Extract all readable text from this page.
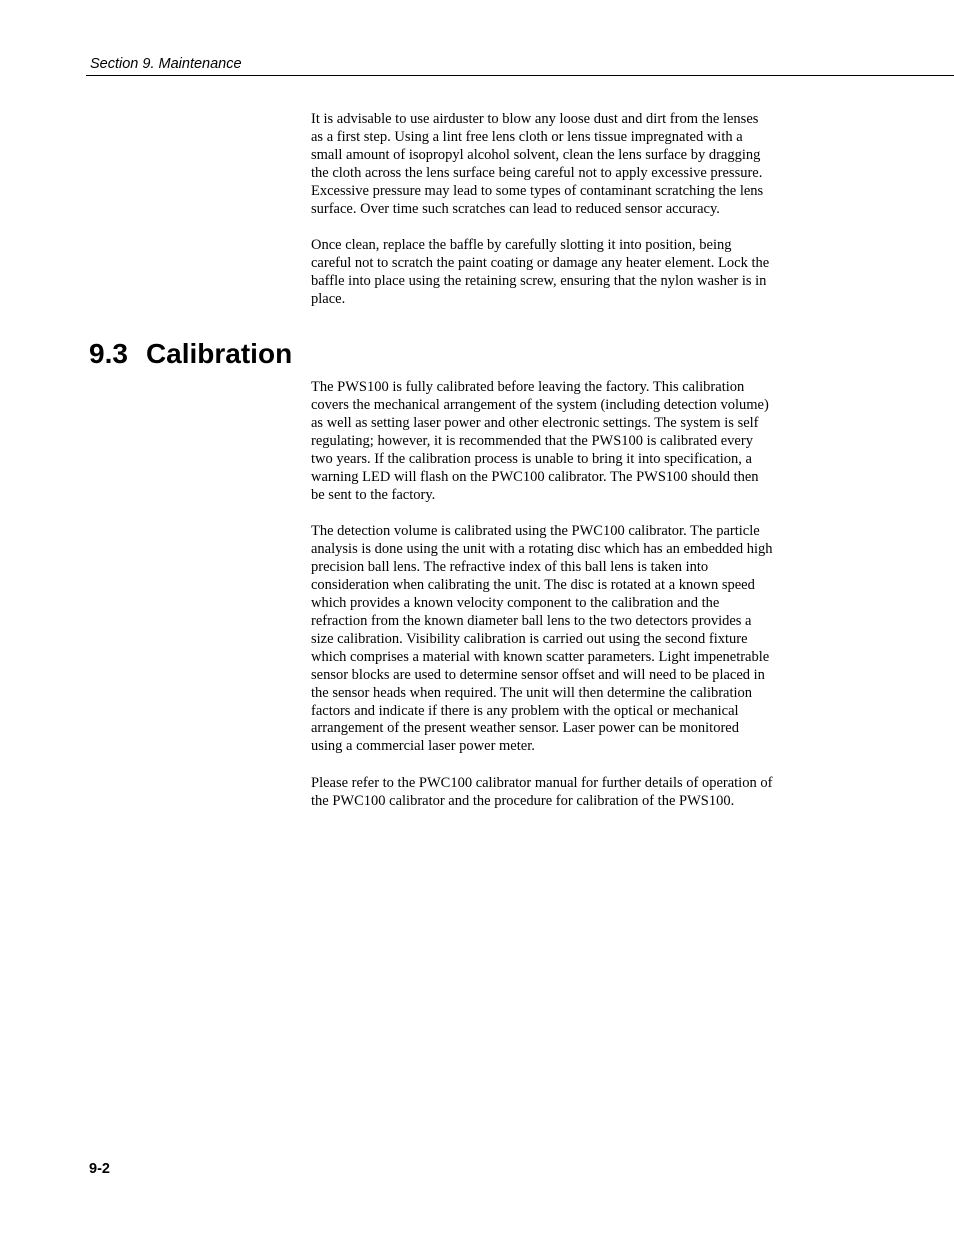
Section 9. Maintenance

It is advisable to use airduster to blow any loose dust and dirt from the lenses
as a first step. Using a lint free lens cloth or lens tissue impregnated with a
small amount of isopropyl alcohol solvent, clean the lens surface by dragging
the cloth across the lens surface being careful not to apply excessive pressure.
Excessive pressure may lead to some types of contaminant scratching the lens
surface. Over time such scratches can lead to reduced sensor accuracy.

Once clean, replace the baffle by carefully slotting it into position, being
careful not to scratch the paint coating or damage any heater element. Lock the
baffle into place using the retaining screw, ensuring that the nylon washer is in
place.

9.3 Calibration

The PWS100 is fully calibrated before leaving the factory. This calibration
covers the mechanical arrangement of the system (including detection volume)
as well as setting laser power and other electronic settings. The system is self
regulating; however, it is recommended that the PWS100 is calibrated every
two years. If the calibration process is unable to bring it into specification, a
warning LED will flash on the PWC100 calibrator. The PWS100 should then
be sent to the factory.

The detection volume is calibrated using the PWC100 calibrator. The particle
analysis is done using the unit with a rotating disc which has an embedded high
precision ball lens. The refractive index of this ball lens is taken into
consideration when calibrating the unit. The disc is rotated at a known speed
which provides a known velocity component to the calibration and the
refraction from the known diameter ball lens to the two detectors provides a
size calibration. Visibility calibration is carried out using the second fixture
which comprises a material with known scatter parameters. Light impenetrable
sensor blocks are used to determine sensor offset and will need to be placed in
the sensor heads when required. The unit will then determine the calibration
factors and indicate if there is any problem with the optical or mechanical
arrangement of the present weather sensor. Laser power can be monitored
using a commercial laser power meter.

Please refer to the PWC100 calibrator manual for further details of operation of
the PWC100 calibrator and the procedure for calibration of the PWS100.

9-2
